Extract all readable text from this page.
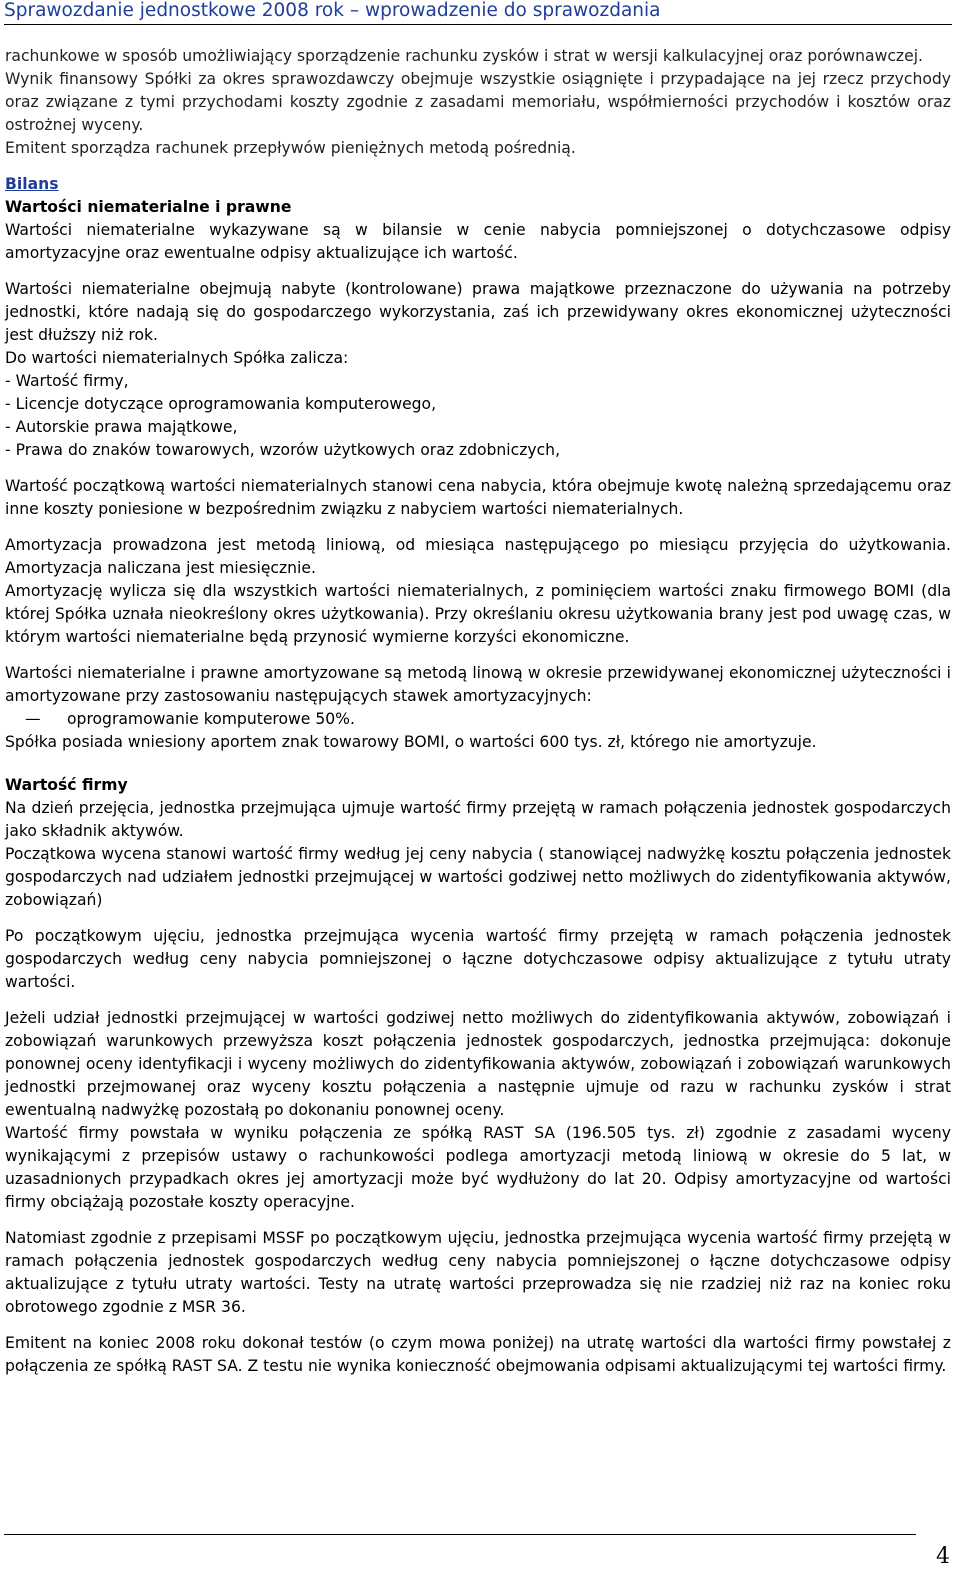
Sprawozdanie jednostkowe 2008 rok – wprowadzenie do sprawozdania

rachunkowe w sposób umożliwiający sporządzenie rachunku zysków i strat w wersji kalkulacyjnej oraz porównawczej.

Wynik finansowy Spółki za okres sprawozdawczy obejmuje wszystkie osiągnięte i przypadające na jej rzecz przychody oraz związane z tymi przychodami koszty zgodnie z zasadami memoriału, współmierności przychodów i kosztów oraz ostrożnej wyceny.

Emitent sporządza rachunek przepływów pieniężnych metodą pośrednią.

Bilans

Wartości niematerialne i prawne

Wartości niematerialne wykazywane są w bilansie w cenie nabycia pomniejszonej o dotychczasowe odpisy amortyzacyjne oraz ewentualne odpisy aktualizujące ich wartość.

Wartości niematerialne obejmują nabyte (kontrolowane) prawa majątkowe przeznaczone do używania na potrzeby jednostki, które nadają się do gospodarczego wykorzystania, zaś ich przewidywany okres ekonomicznej użyteczności jest dłuższy niż rok.

Do wartości niematerialnych Spółka zalicza:

- Wartość firmy,
- Licencje dotyczące oprogramowania komputerowego,
- Autorskie prawa majątkowe,
- Prawa do znaków towarowych, wzorów użytkowych oraz zdobniczych,

Wartość początkową wartości niematerialnych stanowi cena nabycia, która obejmuje kwotę należną sprzedającemu oraz inne koszty poniesione w bezpośrednim związku z nabyciem wartości niematerialnych.

Amortyzacja prowadzona jest metodą liniową, od miesiąca następującego po miesiącu przyjęcia do użytkowania. Amortyzacja naliczana jest miesięcznie.

Amortyzację wylicza się dla wszystkich wartości niematerialnych, z pominięciem wartości znaku firmowego BOMI (dla której Spółka uznała nieokreślony okres użytkowania). Przy określaniu okresu użytkowania brany jest pod uwagę czas, w którym wartości niematerialne będą przynosić wymierne korzyści ekonomiczne.

Wartości niematerialne i prawne amortyzowane są metodą linową w okresie przewidywanej ekonomicznej użyteczności i amortyzowane przy zastosowaniu następujących stawek amortyzacyjnych:

— oprogramowanie komputerowe 50%.

Spółka posiada wniesiony aportem znak towarowy BOMI, o wartości 600 tys. zł, którego nie amortyzuje.

Wartość firmy

Na dzień przejęcia, jednostka przejmująca ujmuje wartość firmy przejętą w ramach połączenia jednostek gospodarczych jako składnik aktywów.

Początkowa wycena stanowi wartość firmy według jej ceny nabycia ( stanowiącej nadwyżkę kosztu połączenia jednostek gospodarczych nad udziałem jednostki przejmującej w wartości godziwej netto możliwych do zidentyfikowania aktywów, zobowiązań)

Po początkowym ujęciu, jednostka przejmująca wycenia wartość firmy przejętą w ramach połączenia jednostek gospodarczych według ceny nabycia pomniejszonej o łączne dotychczasowe odpisy aktualizujące z tytułu utraty wartości.

Jeżeli udział jednostki przejmującej w wartości godziwej netto możliwych do zidentyfikowania aktywów, zobowiązań i zobowiązań warunkowych przewyższa koszt połączenia jednostek gospodarczych, jednostka przejmująca: dokonuje ponownej oceny identyfikacji i wyceny możliwych do zidentyfikowania aktywów, zobowiązań i zobowiązań warunkowych jednostki przejmowanej oraz wyceny kosztu połączenia a następnie ujmuje od razu w rachunku zysków i strat ewentualną nadwyżkę pozostałą po dokonaniu ponownej oceny.

Wartość firmy powstała w wyniku połączenia ze spółką RAST SA (196.505 tys. zł) zgodnie z zasadami wyceny wynikającymi z przepisów ustawy o rachunkowości podlega amortyzacji metodą liniową w okresie do 5 lat, w uzasadnionych przypadkach okres jej amortyzacji może być wydłużony do lat 20. Odpisy amortyzacyjne od wartości firmy obciążają pozostałe koszty operacyjne.

Natomiast zgodnie z przepisami MSSF po początkowym ujęciu, jednostka przejmująca wycenia wartość firmy przejętą w ramach połączenia jednostek gospodarczych według ceny nabycia pomniejszonej o łączne dotychczasowe odpisy aktualizujące z tytułu utraty wartości. Testy na utratę wartości przeprowadza się nie rzadziej niż raz na koniec roku obrotowego zgodnie z MSR 36.

Emitent na koniec 2008 roku dokonał testów (o czym mowa poniżej) na utratę wartości dla wartości firmy powstałej z połączenia ze spółką RAST SA. Z testu nie wynika konieczność obejmowania odpisami aktualizującymi tej wartości firmy.

4
